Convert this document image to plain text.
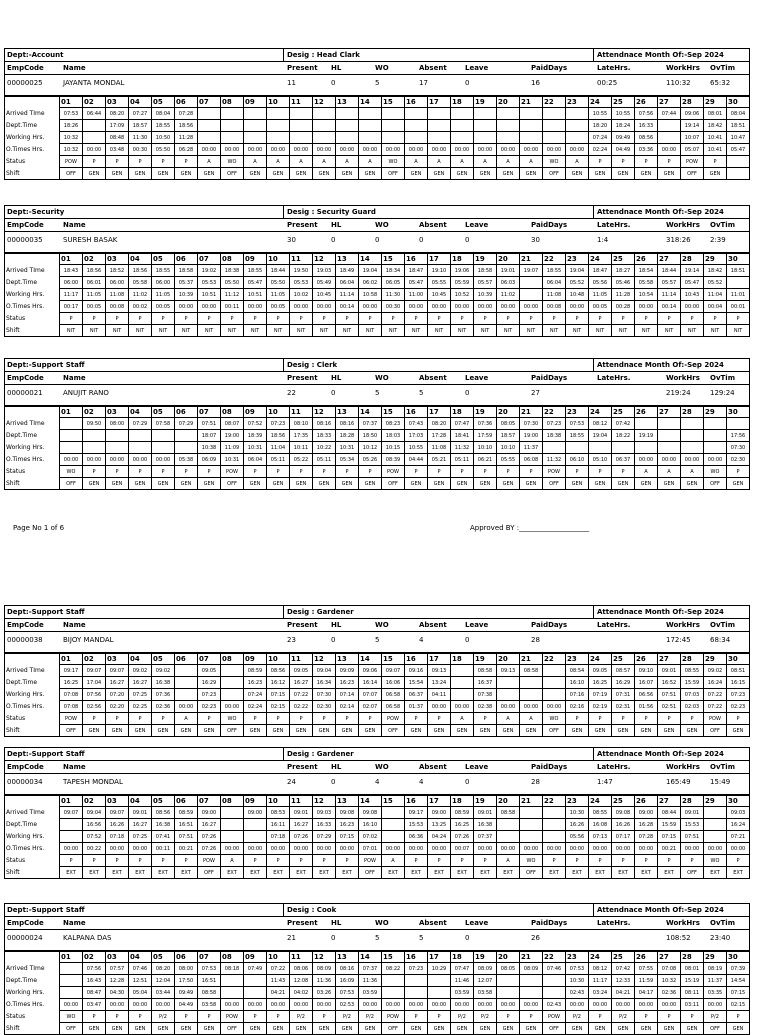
Dept:-Account	Desig : Head Clark	Attendnace Month Of:-Sep 2024
EmpCode	Name	Present HL	WO	Absent	Leave	PaidDays	LateHrs.	WorkHrs OvTim
00000025	JAYANTA MONDAL	11	0	5	17	0	16	00:25	110:32	65:32
	01	02	03	04	05	06	07	08	09	10	11	12	13	14	15	16	17	18	19	20	21	22	23	24	25	26	27	28	29	30
Arrived TIme	07:53	06:44	08:20	07:27	08:04	07:28																		10:55	10:55	07:56	07:44	09:06	08:01	08:04
Dept.Time	18:26		17:09	18:57	18:55	18:56																		18:20	18:24	16:33		19:14	18:42	18:51
Working Hrs.	10:32		08:48	11:30	10:50	11:28																		07:24	09:49	08:56		10:07	10:41	10:47
O.Times Hrs.	10:32	00:00	03:48	00:30	05:50	06:28	00:00	00:00	00:00	00:00	00:00	00:00	00:00	00:00	00:00	00:00	00:00	00:00	00:00	00:00	00:00	00:00	00:00	02:24	04:49	03:36	00:00	05:07	10:41	05:47
Status	POW	P	P	P	P	P	A	WO	A	A	A	A	A	A	WO	A	A	A	A	A	A	WO	A	P	P	P	P	POW	P	
Shift	OFF	GEN	GEN	GEN	GEN	GEN	GEN	OFF	GEN	GEN	GEN	GEN	GEN	GEN	OFF	GEN	GEN	GEN	GEN	GEN	GEN	OFF	GEN	GEN	GEN	GEN	GEN	OFF	GEN	
Dept:-Security	Desig : Security Guard	Attendnace Month Of:-Sep 2024
EmpCode	Name	Present HL	WO	Absent	Leave	PaidDays	LateHrs.	WorkHrs OvTim
00000035	SURESH BASAK	30	0	0	0	0	30	1:4	318:26	2:39
	01	02	03	04	05	06	07	08	09	10	11	12	13	14	15	16	17	18	19	20	21	22	23	24	25	26	27	28	29	30
Arrived TIme	18:43	18:56	18:52	18:56	18:55	18:58	19:02	18:38	18:55	18:44	19:50	19:03	18:49	19:04	18:34	18:47	19:10	19:06	18:58	19:01	19:07	18:55	19:04	18:47	18:27	18:54	18:44	19:14	18:42	18:51
Dept.Time	06:00	06:01	06:00	05:58	06:00	05:37	05:53	05:50	05:47	05:50	05:53	05:49	06:04	06:02	06:05	05:47	05:55	05:59	05:57	06:03		06:04	05:52	05:56	05:46	05:58	05:57	05:47	05:52	
Working Hrs.	11:17	11:05	11:08	11:02	11:05	10:39	10:51	11:12	10:51	11:05	10:02	10:45	11:14	10:58	11:30	11:00	10:45	10:52	10:39	11:02		11:08	10:48	11:05	11:28	10:54	11:14	10:43	11:04	11:01
O.Times Hrs.	00:17	00:05	00:08	00:02	00:05	00:00	00:00	00:11	00:00	00:05	00:00	00:00	00:14	00:00	00:30	00:00	00:00	00:00	00:00	00:00	00:00	00:08	00:00	00:05	00:28	00:00	00:14	00:00	00:04	00:01
Status	P	P	P	P	P	P	P	P	P	P	P	P	P	P	P	P	P	P	P	P	P	P	P	P	P	P	P	P	P	P
Shift	NIT	NIT	NIT	NIT	NIT	NIT	NIT	NIT	NIT	NIT	NIT	NIT	NIT	NIT	NIT	NIT	NIT	NIT	NIT	NIT	NIT	NIT	NIT	NIT	NIT	NIT	NIT	NIT	NIT	NIT
Dept:-Support Staff	Desig : Clerk	Attendnace Month Of:-Sep 2024
EmpCode	Name	Present HL	WO	Absent	Leave	PaidDays	LateHrs.	WorkHrs OvTim
00000021	ANUJIT RANO	22	0	5	5	0	27	219:24	129:24
	01	02	03	04	05	06	07	08	09	10	11	12	13	14	15	16	17	18	19	20	21	22	23	24	25	26	27	28	29	30
Arrived TIme		09:50	08:00	07:29	07:58	07:29	07:51	08:07	07:52	07:23	08:10	08:16	08:16	07:37	08:23	07:43	08:20	07:47	07:36	08:05	07:30	07:23	07:53	08:12	07:42					
Dept.Time							18:07	19:00	18:39	18:56	17:35	18:33	18:28	18:50	18:03	17:03	17:28	18:41	17:59	18:57	19:00	18:38	18:55	19:04	18:22	19:19				17:56
Working Hrs.							10:38	11:09	10:31	11:04	10:11	10:22	10:31	10:12	10:15	10:55	11:08	11:32	10:10	10:10	11:37									07:30
O.Times Hrs.	00:00	00:00	00:00	00:00	00:00	05:38	06:09	10:31	06:04	05:11	05:22	05:11	05:34	05:26	08:39	04:44	05:21	05:11	06:21	05:55	06:08	11:32	06:10	05:10	06:37	00:00	00:00	00:00	00:00	02:30
Status	WO	P	P	P	P	P	P	POW	P	P	P	P	P	P	POW	P	P	P	P	P	P	POW	P	P	P	A	A	A	WO	P
Shift	OFF	GEN	GEN	GEN	GEN	GEN	GEN	OFF	GEN	GEN	GEN	GEN	GEN	GEN	OFF	GEN	GEN	GEN	GEN	GEN	GEN	OFF	GEN	GEN	GEN	GEN	GEN	GEN	OFF	GEN
Dept:-Support Staff	Desig : Gardener	Attendnace Month Of:-Sep 2024
EmpCode	Name	Present HL	WO	Absent	Leave	PaidDays	LateHrs.	WorkHrs OvTim
00000038	BIJOY MANDAL	23	0	5	4	0	28	172:45	68:34
	01	02	03	04	05	06	07	08	09	10	11	12	13	14	15	16	17	18	19	20	21	22	23	24	25	26	27	28	29	30
Arrived TIme	09:17	09:07	09:07	09:02	09:02		09:05		08:59	08:56	09:05	09:04	09:09	09:06	09:07	09:16	09:13		08:58	09:13	08:58		08:54	09:05	08:57	09:10	09:01	08:55	09:02	08:51
Dept.Time	16:25	17:04	16:27	16:27	16:38		16:29		16:23	16:12	16:27	16:34	16:23	16:14	16:06	15:54	13:24		16:37				16:10	16:25	16:29	16:07	16:52	15:59	16:24	16:15
Working Hrs.	07:08	07:56	07:20	07:25	07:36		07:23		07:24	07:15	07:22	07:30	07:14	07:07	06:58	06:37	04:11		07:38				07:16	07:19	07:31	06:56	07:51	07:03	07:22	07:23
O.Times Hrs.	07:08	02:56	02:20	02:25	02:36	00:00	02:23	00:00	02:24	02:15	02:22	02:30	02:14	02:07	06:58	01:37	00:00	00:00	02:38	00:00	00:00	00:00	02:16	02:19	02:31	01:56	02:51	02:03	07:22	02:23
Status	POW	P	P	P	P	A	P	WO	P	P	P	P	P	P	POW	P	P	A	P	A	A	WO	P	P	P	P	P	P	POW	P
Shift	OFF	GEN	GEN	GEN	GEN	GEN	GEN	OFF	GEN	GEN	GEN	GEN	GEN	GEN	OFF	GEN	GEN	GEN	GEN	GEN	GEN	OFF	GEN	GEN	GEN	GEN	GEN	GEN	OFF	GEN
Dept:-Support Staff	Desig : Gardener	Attendnace Month Of:-Sep 2024
EmpCode	Name	Present HL	WO	Absent	Leave	PaidDays	LateHrs.	WorkHrs OvTim
00000034	TAPESH MONDAL	24	0	4	4	0	28	1:47	165:49	15:49
	01	02	03	04	05	06	07	08	09	10	11	12	13	14	15	16	17	18	19	20	21	22	23	24	25	26	27	28	29	30
Arrived TIme	09:07	09:04	09:07	09:01	08:56	08:59	09:00		09:00	08:53	09:01	09:03	09:08	09:08		09:17	09:00	08:59	09:01	08:58			10:30	08:55	09:08	09:00	08:44	09:01		09:03
Dept.Time		16:56	16:26	16:27	16:38	16:51	16:27			16:11	16:27	16:33	16:23	16:10		15:53	13:25	16:25	16:38				16:26	16:08	16:26	16:28	15:59	15:53		16:24
Working Hrs.		07:52	07:18	07:25	07:41	07:51	07:26			07:18	07:26	07:29	07:15	07:02		06:36	04:24	07:26	07:37				05:56	07:13	07:17	07:28	07:15	07:51		07:21
O.Times Hrs.	00:00	00:22	00:00	00:00	00:11	00:21	07:26	00:00	00:00	00:00	00:00	00:00	00:00	07:01	00:00	00:00	00:00	00:07	00:00	00:00	00:00	00:00	00:00	00:00	00:00	00:00	00:21	00:00	00:00	00:00
Status	P	P	P	P	P	P	POW	A	P	P	P	P	P	POW	A	P	P	P	P	A	WO	P	P	P	P	P	P	P	WO	P
Shift	EXT	EXT	EXT	EXT	EXT	EXT	OFF	EXT	EXT	EXT	EXT	EXT	EXT	OFF	EXT	EXT	EXT	EXT	EXT	EXT	OFF	EXT	EXT	EXT	EXT	EXT	EXT	OFF	EXT	EXT
Dept:-Support Staff	Desig : Cook	Attendnace Month Of:-Sep 2024
EmpCode	Name	Present HL	WO	Absent	Leave	PaidDays	LateHrs.	WorkHrs OvTim
00000024	KALPANA DAS	21	0	5	5	0	26	108:52	23:40
	01	02	03	04	05	06	07	08	09	10	11	12	13	14	15	16	17	18	19	20	21	22	23	24	25	26	27	28	29	30
Arrived TIme		07:56	07:57	07:46	08:20	08:00	07:53	08:18	07:49	07:22	08:06	08:09	08:16	07:37	08:22	07:23	10:29	07:47	08:09	08:05	08:09	07:46	07:53	08:12	07:42	07:55	07:08	08:01	08:19	07:39
Dept.Time		16:43	12:28	12:51	12:04	17:50	16:51			11:43	12:08	11:36	16:09	11:36				11:46	12:07				10:30	11:17	12:33	11:59	10:32	15:19	11:37	14:54
Working Hrs.		08:47	04:30	05:04	03:44	09:49	08:58			04:21	04:02	03:26	07:53	03:59				03:59	03:58				02:43	03:24	04:21	04:17	02:36	08:11	03:35	07:15
O.Times Hrs.	00:00	03:47	00:00	00:00	00:00	04:49	03:58	00:00	00:00	00:00	00:00	00:00	02:53	00:00	00:00	00:00	00:00	00:00	00:00	00:00	00:00	02:43	00:00	00:00	00:00	00:00	00:00	03:11	00:00	02:15
Status	WO	P	P	P	P/2	P	P	POW	P	P	P/2	P	P/2	P/2	POW	P	P	P/2	P/2	P	P	POW	P/2	P	P/2	P	P	P	P/2	P
Shift	OFF	GEN	GEN	GEN	GEN	GEN	GEN	OFF	GEN	GEN	GEN	GEN	GEN	GEN	OFF	GEN	GEN	GEN	GEN	GEN	GEN	OFF	GEN	GEN	GEN	GEN	GEN	GEN	OFF	GEN
Page No 1 of 6	Approved BY :____________________
